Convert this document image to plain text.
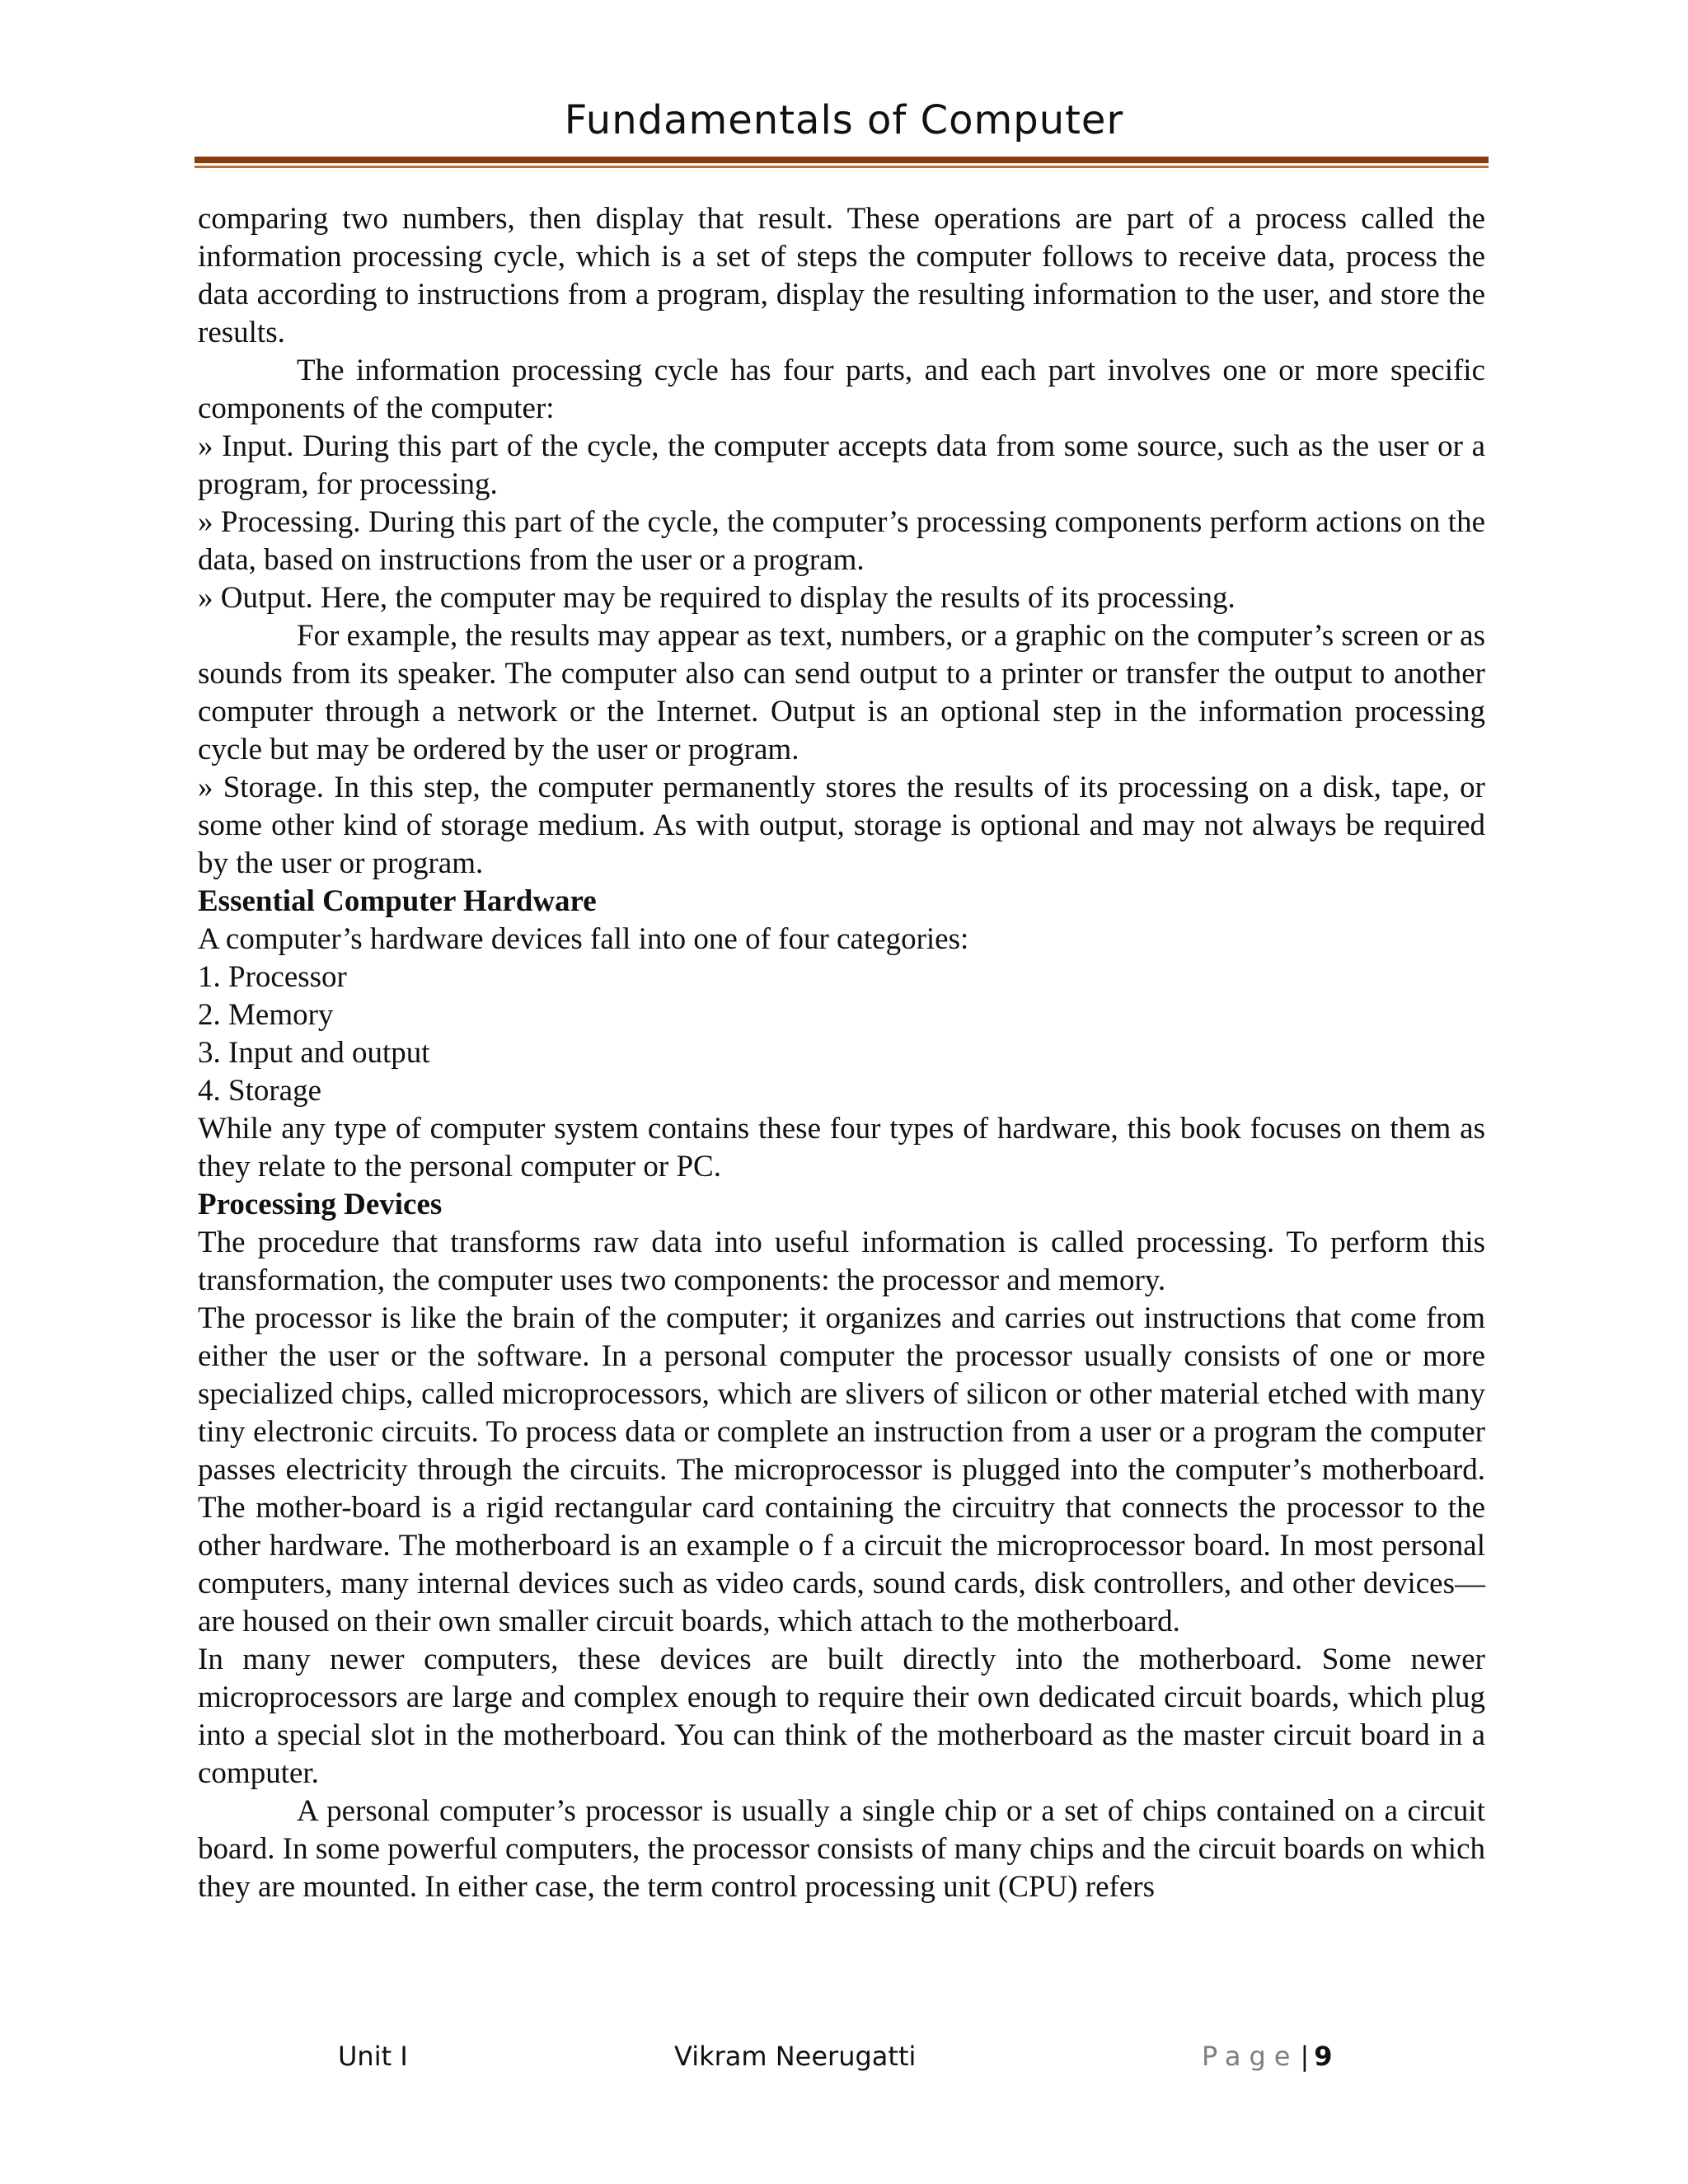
Fundamentals of Computer

comparing two numbers, then display that result. These operations are part of a process called the information processing cycle, which is a set of steps the computer follows to receive data, process the data according to instructions from a program, display the resulting information to the user, and store the results.

The information processing cycle has four parts, and each part involves one or more specific components of the computer:

» Input. During this part of the cycle, the computer accepts data from some source, such as the user or a program, for processing.

» Processing. During this part of the cycle, the computer’s processing components perform actions on the data, based on instructions from the user or a program.

» Output. Here, the computer may be required to display the results of its processing.

For example, the results may appear as text, numbers, or a graphic on the computer’s screen or as sounds from its speaker. The computer also can send output to a printer or transfer the output to another computer through a network or the Internet. Output is an optional step in the information processing cycle but may be ordered by the user or program.

» Storage. In this step, the computer permanently stores the results of its processing on a disk, tape, or some other kind of storage medium. As with output, storage is optional and may not always be required by the user or program.

Essential Computer Hardware

A computer’s hardware devices fall into one of four categories:

1. Processor
2. Memory
3. Input and output
4. Storage

While any type of computer system contains these four types of hardware, this book focuses on them as they relate to the personal computer or PC.

Processing Devices

The procedure that transforms raw data into useful information is called processing. To perform this transformation, the computer uses two components: the processor and memory.

The processor is like the brain of the computer; it organizes and carries out instructions that come from either the user or the software. In a personal computer the processor usually consists of one or more specialized chips, called microprocessors, which are slivers of silicon or other material etched with many tiny electronic circuits. To process data or complete an instruction from a user or a program the computer passes electricity through the circuits. The microprocessor is plugged into the computer’s motherboard. The mother-board is a rigid rectangular card containing the circuitry that connects the processor to the other hardware. The motherboard is an example o f a circuit the microprocessor board. In most personal computers, many internal devices such as video cards, sound cards, disk controllers, and other devices—are housed on their own smaller circuit boards, which attach to the motherboard.

In many newer computers, these devices are built directly into the motherboard. Some newer microprocessors are large and complex enough to require their own dedicated circuit boards, which plug into a special slot in the motherboard. You can think of the motherboard as the master circuit board in a computer.

A personal computer’s processor is usually a single chip or a set of chips contained on a circuit board. In some powerful computers, the processor consists of many chips and the circuit boards on which they are mounted. In either case, the term control processing unit (CPU) refers

Unit I	Vikram Neerugatti	Page| 9
